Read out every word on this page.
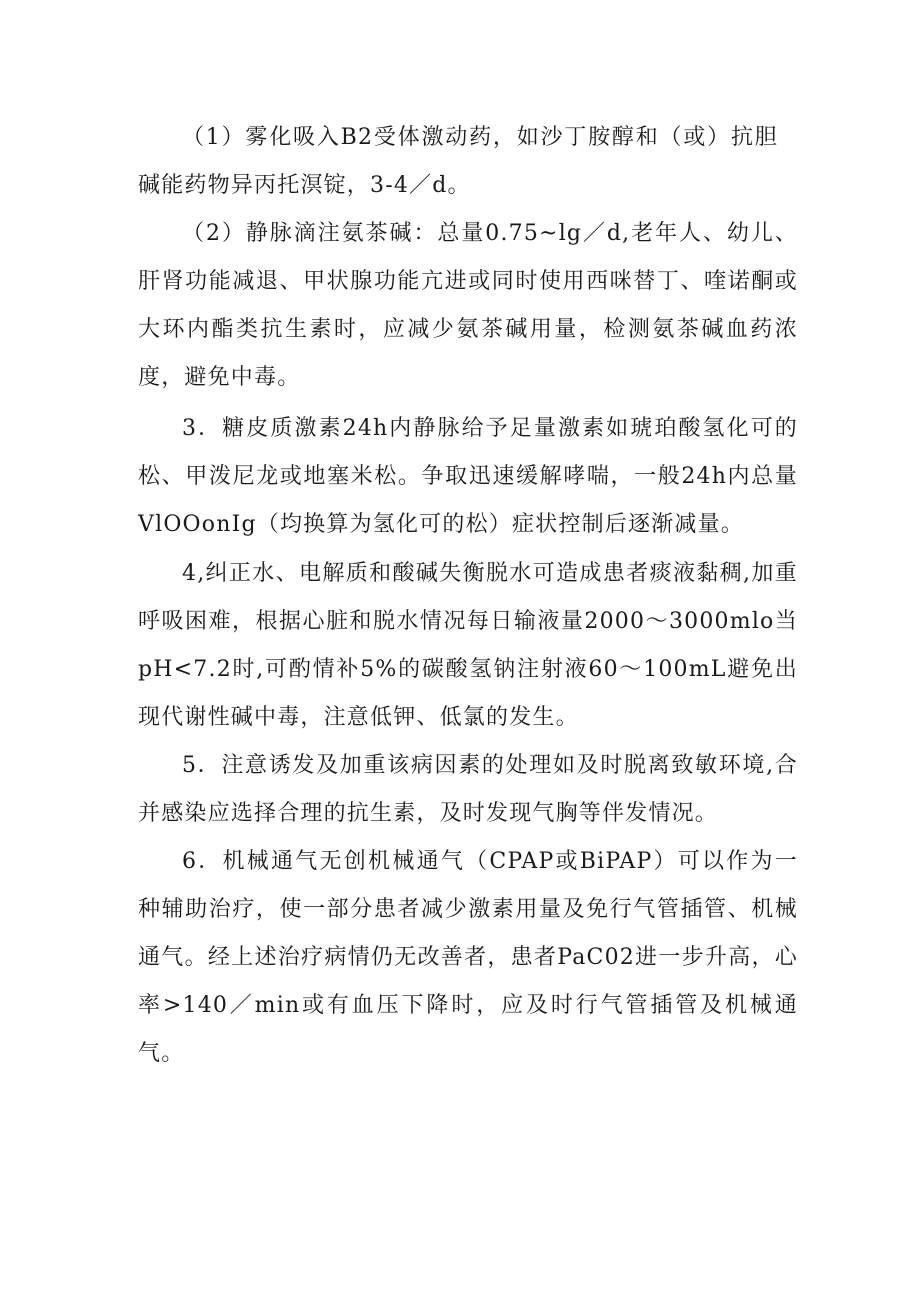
（1）雾化吸入B2受体激动药，如沙丁胺醇和（或）抗胆碱能药物异丙托溟锭，3-4／d。

（2）静脉滴注氨茶碱：总量0.75~lg／d,老年人、幼儿、肝肾功能减退、甲状腺功能亢进或同时使用西咪替丁、喹诺酮或大环内酯类抗生素时，应减少氨茶碱用量，检测氨茶碱血药浓度，避免中毒。

3．糖皮质激素24h内静脉给予足量激素如琥珀酸氢化可的松、甲泼尼龙或地塞米松。争取迅速缓解哮喘，一般24h内总量VlOOonIg（均换算为氢化可的松）症状控制后逐渐减量。

4,纠正水、电解质和酸碱失衡脱水可造成患者痰液黏稠,加重呼吸困难，根据心脏和脱水情况每日输液量2000～3000mlo当pH<7.2时,可酌情补5%的碳酸氢钠注射液60～100mL避免出现代谢性碱中毒，注意低钾、低氯的发生。

5．注意诱发及加重该病因素的处理如及时脱离致敏环境,合并感染应选择合理的抗生素，及时发现气胸等伴发情况。

6．机械通气无创机械通气（CPAP或BiPAP）可以作为一种辅助治疗，使一部分患者减少激素用量及免行气管插管、机械通气。经上述治疗病情仍无改善者，患者PaC02进一步升高，心率>140／min或有血压下降时，应及时行气管插管及机械通气。
